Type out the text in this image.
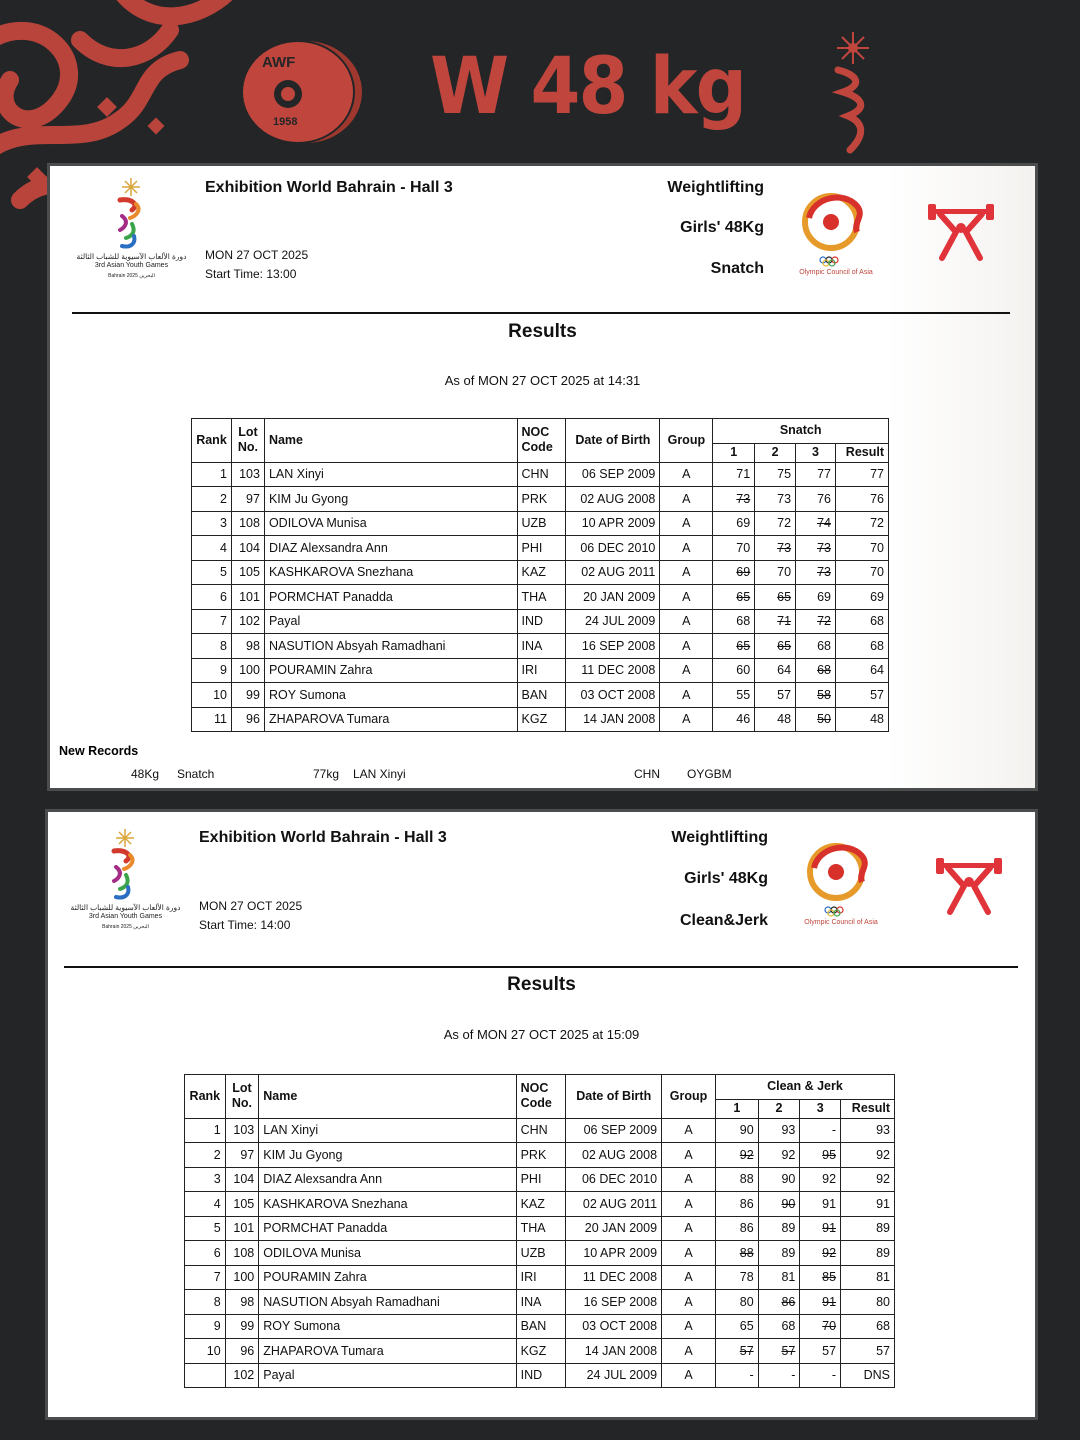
AWF
1958 W 48 kg
دورة الألعاب الآسيوية للشباب الثالثة
3rd Asian Youth Games
Bahrain 2025 البحرين
Exhibition World Bahrain - Hall 3
MON 27 OCT 2025
Start Time: 13:00
Weightlifting
Girls' 48Kg
Snatch
Results
As of MON 27 OCT 2025 at 14:31
Rank	Lot
No.	Name	NOC
Code	Date of Birth	Group	Snatch			
						1	2	3	Result
1	103	LAN Xinyi	CHN	06 SEP 2009	A	71	75	77	77
2	97	KIM Ju Gyong	PRK	02 AUG 2008	A	73	73	76	76
3	108	ODILOVA Munisa	UZB	10 APR 2009	A	69	72	74	72
4	104	DIAZ Alexsandra Ann	PHI	06 DEC 2010	A	70	73	73	70
5	105	KASHKAROVA Snezhana	KAZ	02 AUG 2011	A	69	70	73	70
6	101	PORMCHAT Panadda	THA	20 JAN 2009	A	65	65	69	69
7	102	Payal	IND	24 JUL 2009	A	68	71	72	68
8	98	NASUTION Absyah Ramadhani	INA	16 SEP 2008	A	65	65	68	68
9	100	POURAMIN Zahra	IRI	11 DEC 2008	A	60	64	68	64
10	99	ROY Sumona	BAN	03 OCT 2008	A	55	57	58	57
11	96	ZHAPAROVA Tumara	KGZ	14 JAN 2008	A	46	48	50	48
New Records
48Kg Snatch	77kg LAN Xinyi	CHN OYGBM
Olympic Council of Asia
دورة الألعاب الآسيوية للشباب الثالثة
3rd Asian Youth Games
Bahrain 2025 البحرين
Exhibition World Bahrain - Hall 3
MON 27 OCT 2025
Start Time: 14:00
Weightlifting
Girls' 48Kg
Clean&Jerk
Results
As of MON 27 OCT 2025 at 15:09
Rank	Lot
No.	Name	NOC
Code	Date of Birth	Group	Clean & Jerk			
						1	2	3	Result
1	103	LAN Xinyi	CHN	06 SEP 2009	A	90	93	-	93
2	97	KIM Ju Gyong	PRK	02 AUG 2008	A	92	92	95	92
3	104	DIAZ Alexsandra Ann	PHI	06 DEC 2010	A	88	90	92	92
4	105	KASHKAROVA Snezhana	KAZ	02 AUG 2011	A	86	90	91	91
5	101	PORMCHAT Panadda	THA	20 JAN 2009	A	86	89	91	89
6	108	ODILOVA Munisa	UZB	10 APR 2009	A	88	89	92	89
7	100	POURAMIN Zahra	IRI	11 DEC 2008	A	78	81	85	81
8	98	NASUTION Absyah Ramadhani	INA	16 SEP 2008	A	80	86	91	80
9	99	ROY Sumona	BAN	03 OCT 2008	A	65	68	70	68
10	96	ZHAPAROVA Tumara	KGZ	14 JAN 2008	A	57	57	57	57
	102	Payal	IND	24 JUL 2009	A	-	-	-	DNS
Olympic Council of Asia
